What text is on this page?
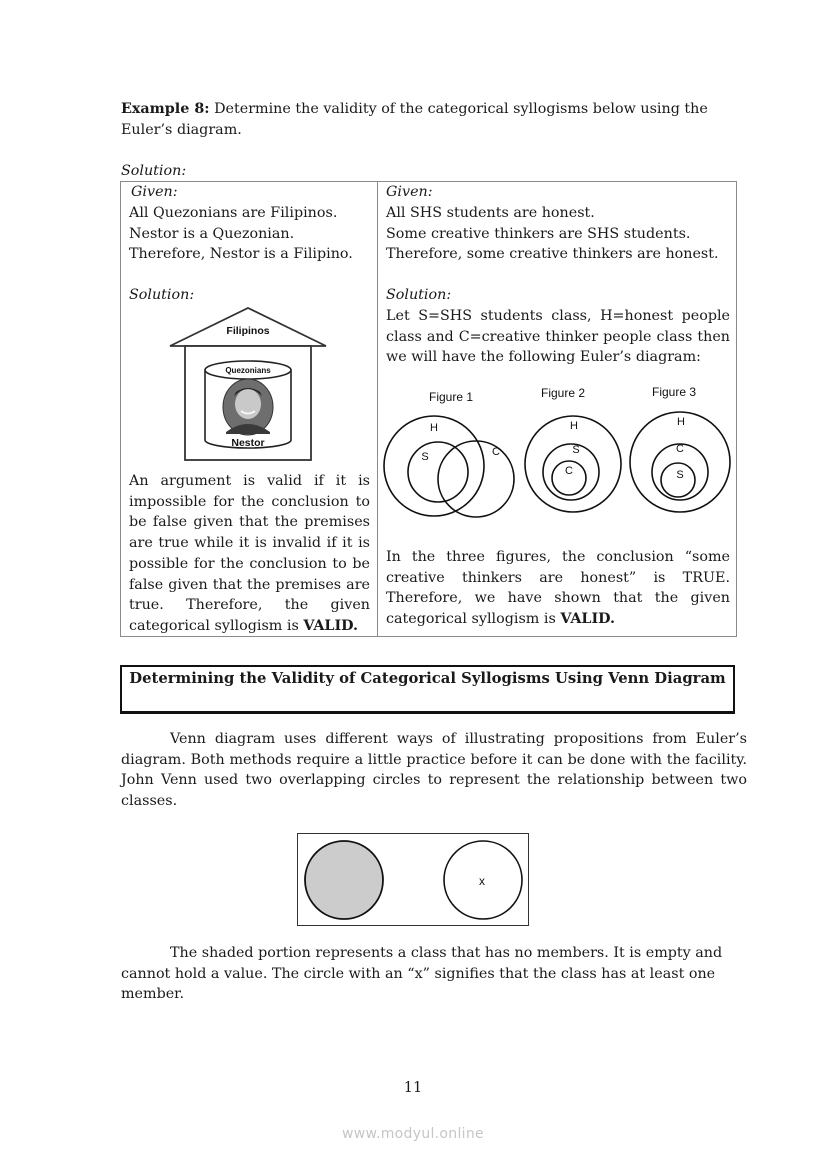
Example 8: Determine the validity of the categorical syllogisms below using the Euler’s diagram.
Solution:
Given:
All Quezonians are Filipinos.
Nestor is a Quezonian.
Therefore, Nestor is a Filipino.
Solution:
Filipinos
Quezonians
Nestor
An argument is valid if it is impossible for the conclusion to be false given that the premises are true while it is invalid if it is possible for the conclusion to be false given that the premises are true. Therefore, the given categorical syllogism is VALID.
Given:
All SHS students are honest.
Some creative thinkers are SHS students.
Therefore, some creative thinkers are honest.
Solution:
Let S=SHS students class, H=honest people class and C=creative thinker people class then we will have the following Euler’s diagram:
Figure 1
H
S	C
Figure 2
H
S
C
Figure 3
H
C
S
In the three figures, the conclusion “some creative thinkers are honest” is TRUE. Therefore, we have shown that the given categorical syllogism is VALID.
Determining the Validity of Categorical Syllogisms Using Venn Diagram
Venn diagram uses different ways of illustrating propositions from Euler’s diagram. Both methods require a little practice before it can be done with the facility. John Venn used two overlapping circles to represent the relationship between two classes.
x
The shaded portion represents a class that has no members. It is empty and cannot hold a value. The circle with an “x” signifies that the class has at least one member.
11
www.modyul.online
